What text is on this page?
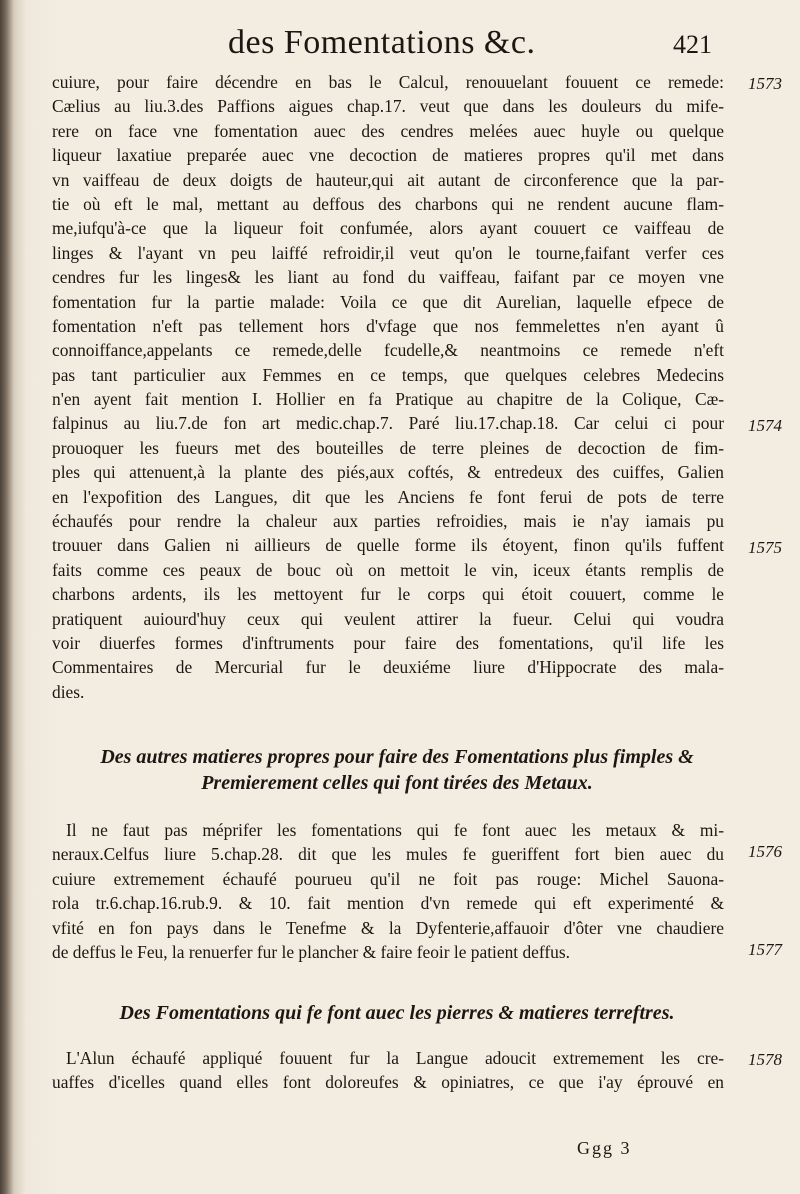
des Fomentations &c.	421
cuiure, pour faire décendre en bas le Calcul, renouuelant fouuent ce remede:
Cælius au liu.3.des Paffions aigues chap.17. veut que dans les douleurs du mife-
rere on face vne fomentation auec des cendres melées auec huyle ou quelque
liqueur laxatiue preparée auec vne decoction de matieres propres qu'il met dans
vn vaiffeau de deux doigts de hauteur,qui ait autant de circonference que la par-
tie où eft le mal, mettant au deffous des charbons qui ne rendent aucune flam-
me,iufqu'à-ce que la liqueur foit confumée, alors ayant couuert ce vaiffeau de
linges & l'ayant vn peu laiffé refroidir,il veut qu'on le tourne,faifant verfer ces
cendres fur les linges& les liant au fond du vaiffeau, faifant par ce moyen vne
fomentation fur la partie malade: Voila ce que dit Aurelian, laquelle efpece de
fomentation n'eft pas tellement hors d'vfage que nos femmelettes n'en ayant û
connoiffance,appelants ce remede,delle fcudelle,& neantmoins ce remede n'eft
pas tant particulier aux Femmes en ce temps, que quelques celebres Medecins
n'en ayent fait mention I. Hollier en fa Pratique au chapitre de la Colique, Cæ-
falpinus au liu.7.de fon art medic.chap.7. Paré liu.17.chap.18. Car celui ci pour
prouoquer les fueurs met des bouteilles de terre pleines de decoction de fim-
ples qui attenuent,à la plante des piés,aux coftés, & entredeux des cuiffes, Galien
en l'expofition des Langues, dit que les Anciens fe font ferui de pots de terre
échaufés pour rendre la chaleur aux parties refroidies, mais ie n'ay iamais pu
trouuer dans Galien ni aillieurs de quelle forme ils étoyent, finon qu'ils fuffent
faits comme ces peaux de bouc où on mettoit le vin, iceux étants remplis de
charbons ardents, ils les mettoyent fur le corps qui étoit couuert, comme le
pratiquent auiourd'huy ceux qui veulent attirer la fueur. Celui qui voudra
voir diuerfes formes d'inftruments pour faire des fomentations, qu'il life les
Commentaires de Mercurial fur le deuxiéme liure d'Hippocrate des mala-
dies.
Des autres matieres propres pour faire des Fomentations plus fimples &
Premierement celles qui font tirées des Metaux.
Il ne faut pas méprifer les fomentations qui fe font auec les metaux & mi-
neraux.Celfus liure 5.chap.28. dit que les mules fe gueriffent fort bien auec du
cuiure extremement échaufé pourueu qu'il ne foit pas rouge: Michel Sauona-
rola tr.6.chap.16.rub.9. & 10. fait mention d'vn remede qui eft experimenté &
vfité en fon pays dans le Tenefme & la Dyfenterie,affauoir d'ôter vne chaudiere
de deffus le Feu, la renuerfer fur le plancher & faire feoir le patient deffus.
Des Fomentations qui fe font auec les pierres & matieres terreftres.
L'Alun échaufé appliqué fouuent fur la Langue adoucit extremement les cre-
uaffes d'icelles quand elles font doloreufes & opiniatres, ce que i'ay éprouvé en
1573
1574
1575
1576
1577
1578
Ggg 3
